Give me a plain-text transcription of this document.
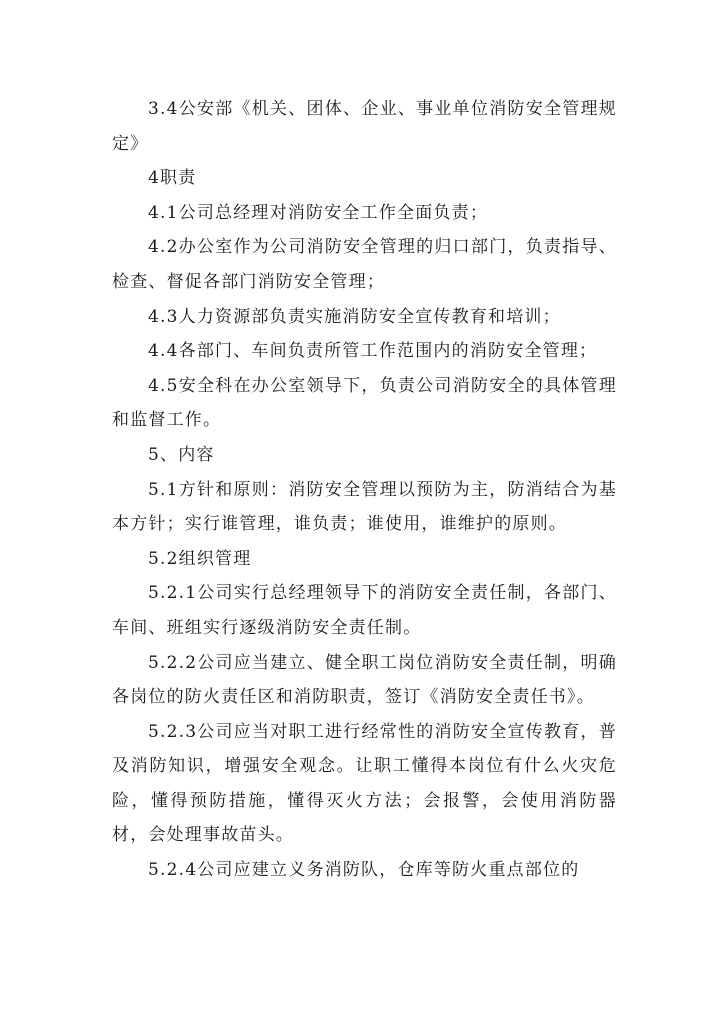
3.4公安部《机关、团体、企业、事业单位消防安全管理规定》

4职责

4.1公司总经理对消防安全工作全面负责；

4.2办公室作为公司消防安全管理的归口部门，负责指导、检查、督促各部门消防安全管理；

4.3人力资源部负责实施消防安全宣传教育和培训；

4.4各部门、车间负责所管工作范围内的消防安全管理；

4.5安全科在办公室领导下，负责公司消防安全的具体管理和监督工作。

5、内容

5.1方针和原则：消防安全管理以预防为主，防消结合为基本方针；实行谁管理，谁负责；谁使用，谁维护的原则。

5.2组织管理

5.2.1公司实行总经理领导下的消防安全责任制，各部门、车间、班组实行逐级消防安全责任制。

5.2.2公司应当建立、健全职工岗位消防安全责任制，明确各岗位的防火责任区和消防职责，签订《消防安全责任书》。

5.2.3公司应当对职工进行经常性的消防安全宣传教育，普及消防知识，增强安全观念。让职工懂得本岗位有什么火灾危险，懂得预防措施，懂得灭火方法；会报警，会使用消防器材，会处理事故苗头。

5.2.4公司应建立义务消防队，仓库等防火重点部位的
